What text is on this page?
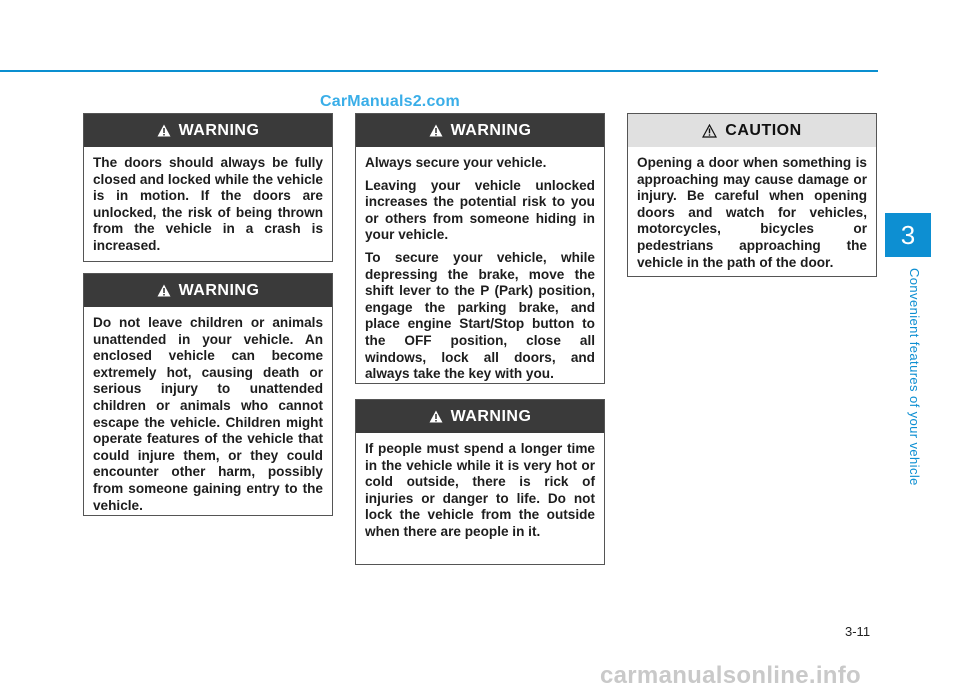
CarManuals2.com
WARNING

The doors should always be fully closed and locked while the vehicle is in motion. If the doors are unlocked, the risk of being thrown from the vehicle in a crash is increased.

WARNING

Do not leave children or animals unattended in your vehicle. An enclosed vehicle can become extremely hot, causing death or serious injury to unattended children or animals who cannot escape the vehicle. Children might operate features of the vehicle that could injure them, or they could encounter other harm, possibly from someone gaining entry to the vehicle.

WARNING

Always secure your vehicle.

Leaving your vehicle unlocked increases the potential risk to you or others from someone hiding in your vehicle.

To secure your vehicle, while depressing the brake, move the shift lever to the P (Park) position, engage the parking brake, and place engine Start/Stop button to the OFF position, close all windows, lock all doors, and always take the key with you.

WARNING

If people must spend a longer time in the vehicle while it is very hot or cold outside, there is rick of injuries or danger to life. Do not lock the vehicle from the outside when there are people in it.

CAUTION

Opening a door when something is approaching may cause damage or injury. Be careful when opening doors and watch for vehicles, motorcycles, bicycles or pedestrians approaching the vehicle in the path of the door.

3
Convenient features of your vehicle
3-11
carmanualsonline.info
